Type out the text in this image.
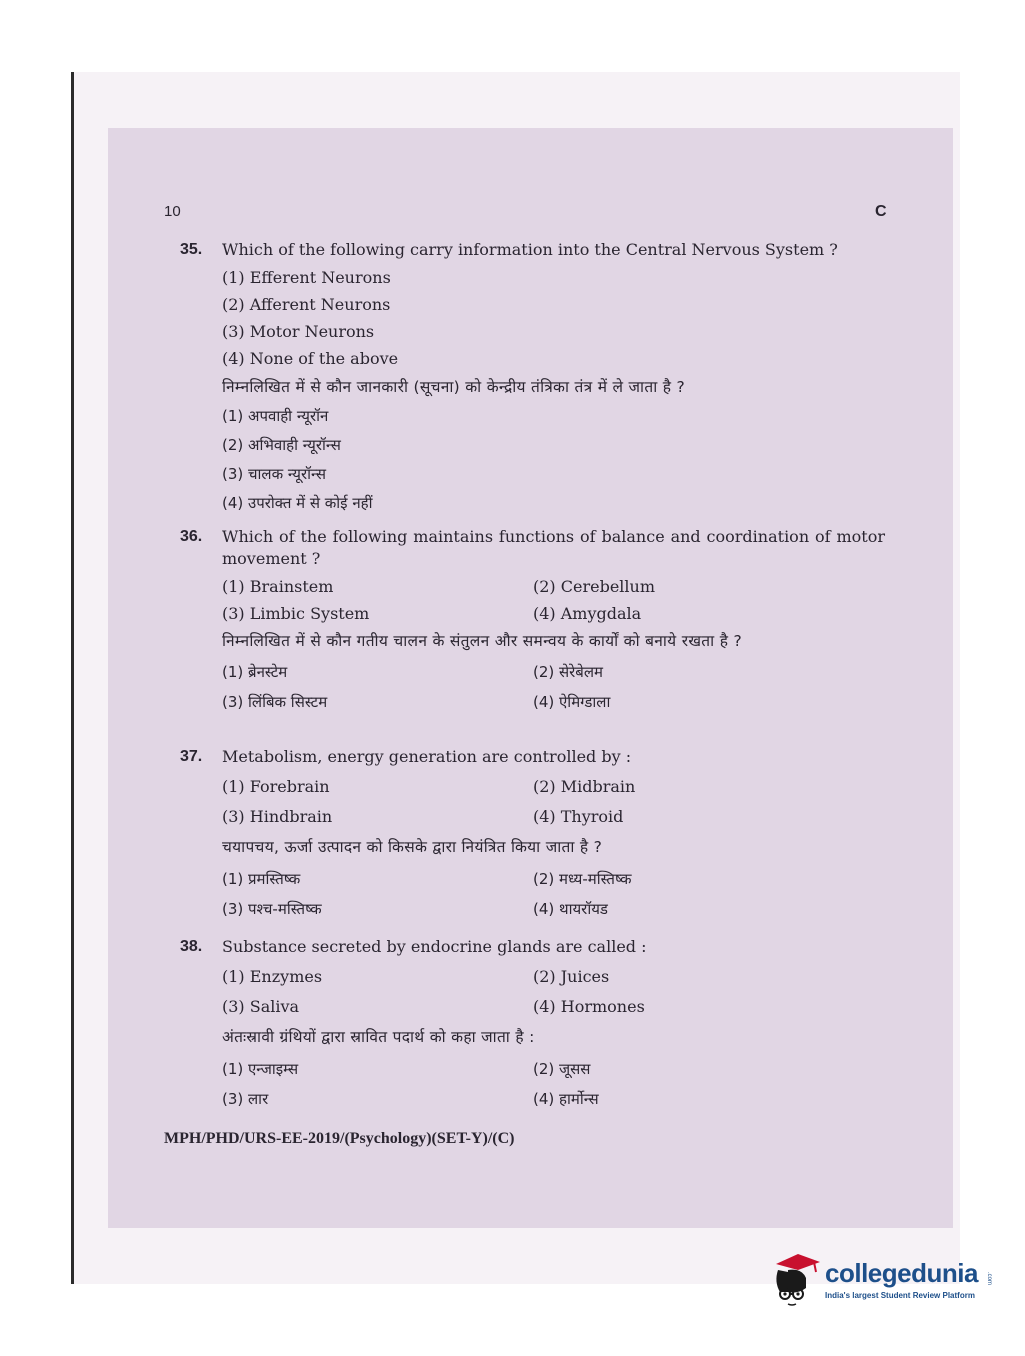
10	C
35. Which of the following carry information into the Central Nervous System ?
(1) Efferent Neurons
(2) Afferent Neurons
(3) Motor Neurons
(4) None of the above
निम्नलिखित में से कौन जानकारी (सूचना) को केन्द्रीय तंत्रिका तंत्र में ले जाता है ?
(1) अपवाही न्यूरॉन
(2) अभिवाही न्यूरॉन्स
(3) चालक न्यूरॉन्स
(4) उपरोक्त में से कोई नहीं
36. Which of the following maintains functions of balance and coordination of motor movement ?
(1) Brainstem	(2) Cerebellum
(3) Limbic System	(4) Amygdala
निम्नलिखित में से कौन गतीय चालन के संतुलन और समन्वय के कार्यों को बनाये रखता है ?
(1) ब्रेनस्टेम	(2) सेरेबेलम
(3) लिंबिक सिस्टम	(4) ऐमिग्डाला
37. Metabolism, energy generation are controlled by :
(1) Forebrain	(2) Midbrain
(3) Hindbrain	(4) Thyroid
चयापचय, ऊर्जा उत्पादन को किसके द्वारा नियंत्रित किया जाता है ?
(1) प्रमस्तिष्क	(2) मध्य-मस्तिष्क
(3) पश्च-मस्तिष्क	(4) थायरॉयड
38. Substance secreted by endocrine glands are called :
(1) Enzymes	(2) Juices
(3) Saliva	(4) Hormones
अंतःस्रावी ग्रंथियों द्वारा स्रावित पदार्थ को कहा जाता है :
(1) एन्जाइम्स	(2) जूसस
(3) लार	(4) हार्मोन्स
MPH/PHD/URS-EE-2019/(Psychology)(SET-Y)/(C)
collegedunia .com
India's largest Student Review Platform
